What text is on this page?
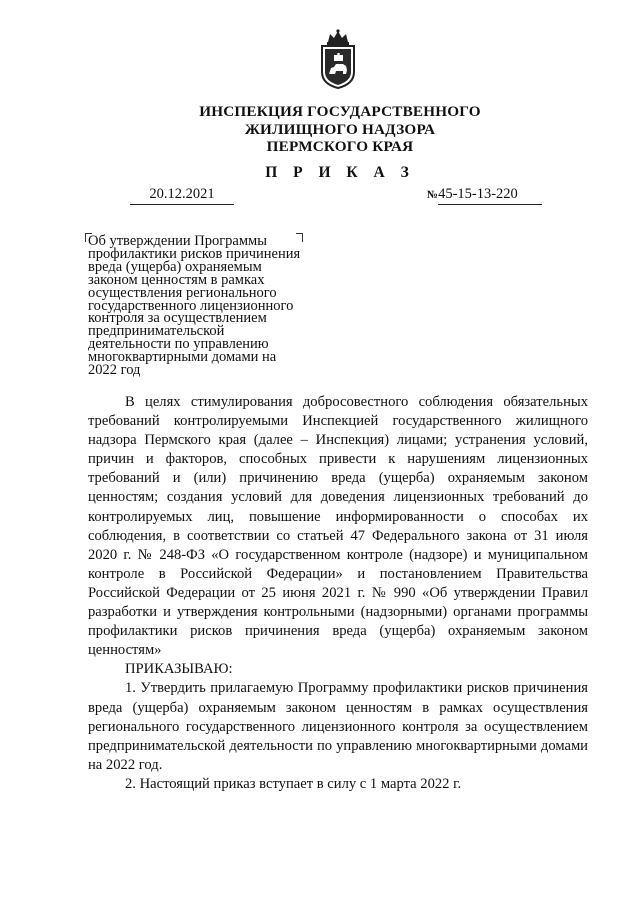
ИНСПЕКЦИЯ ГОСУДАРСТВЕННОГО
ЖИЛИЩНОГО НАДЗОРА
ПЕРМСКОГО КРАЯ
П Р И К А З
20.12.2021	№45-15-13-220
Об утверждении Программы
профилактики рисков причинения
вреда (ущерба) охраняемым
законом ценностям в рамках
осуществления регионального
государственного лицензионного
контроля за осуществлением
предпринимательской
деятельности по управлению
многоквартирными домами на
2022 год

В целях стимулирования добросовестного соблюдения обязательных требований контролируемыми Инспекцией государственного жилищного надзора Пермского края (далее – Инспекция) лицами; устранения условий, причин и факторов, способных привести к нарушениям лицензионных требований и (или) причинению вреда (ущерба) охраняемым законом ценностям; создания условий для доведения лицензионных требований до контролируемых лиц, повышение информированности о способах их соблюдения, в соответствии со статьей 47 Федерального закона от 31 июля 2020 г. № 248-ФЗ «О государственном контроле (надзоре) и муниципальном контроле в Российской Федерации» и постановлением Правительства Российской Федерации от 25 июня 2021 г. № 990 «Об утверждении Правил разработки и утверждения контрольными (надзорными) органами программы профилактики рисков причинения вреда (ущерба) охраняемым законом ценностям»

ПРИКАЗЫВАЮ:

1. Утвердить прилагаемую Программу профилактики рисков причинения вреда (ущерба) охраняемым законом ценностям в рамках осуществления регионального государственного лицензионного контроля за осуществлением предпринимательской деятельности по управлению многоквартирными домами на 2022 год.

2. Настоящий приказ вступает в силу с 1 марта 2022 г.
